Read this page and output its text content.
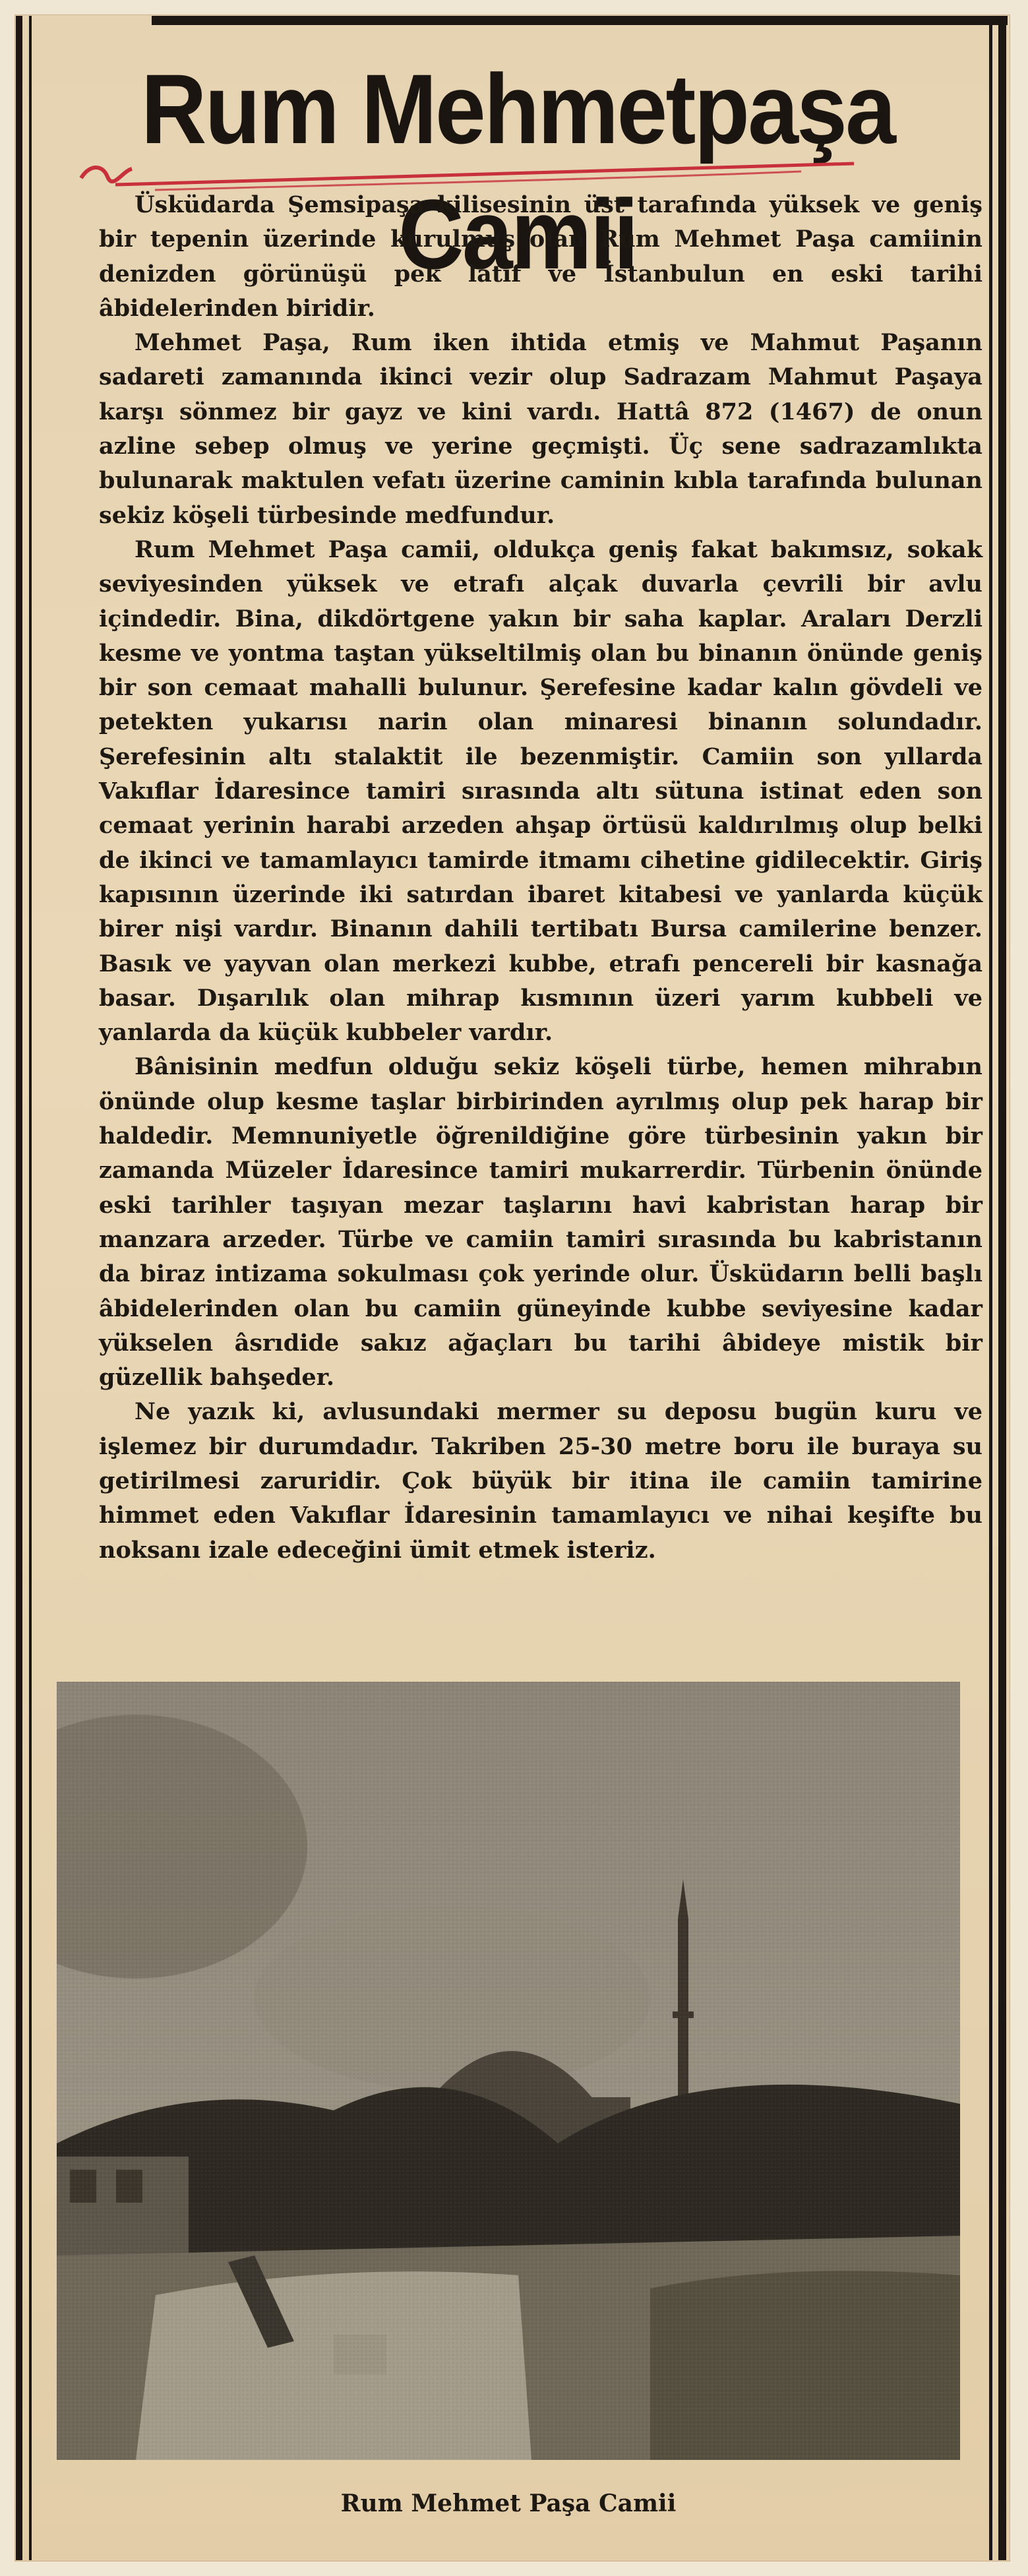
Rum Mehmetpaşa Camii

Üsküdarda Şemsipaşa kilisesinin üst tarafında yüksek ve geniş bir tepenin üzerinde kurulmuş olan Rum Mehmet Paşa camiinin denizden görünüşü pek lâtif ve İstanbulun en eski tarihi âbidelerinden biridir.

Mehmet Paşa, Rum iken ihtida etmiş ve Mahmut Paşanın sadareti zamanında ikinci vezir olup Sadrazam Mahmut Paşaya karşı sönmez bir gayz ve kini vardı. Hattâ 872 (1467) de onun azline sebep olmuş ve yerine geçmişti. Üç sene sadrazamlıkta bulunarak maktulen vefatı üzerine caminin kıbla tarafında bulunan sekiz köşeli türbesinde medfundur.

Rum Mehmet Paşa camii, oldukça geniş fakat bakımsız, sokak seviyesinden yüksek ve etrafı alçak duvarla çevrili bir avlu içindedir. Bina, dikdörtgene yakın bir saha kaplar. Araları Derzli kesme ve yontma taştan yükseltilmiş olan bu binanın önünde geniş bir son cemaat mahalli bulunur. Şerefesine kadar kalın gövdeli ve petekten yukarısı narin olan minaresi binanın solundadır. Şerefesinin altı stalaktit ile bezenmiştir. Camiin son yıllarda Vakıflar İdaresince tamiri sırasında altı sütuna istinat eden son cemaat yerinin harabi arzeden ahşap örtüsü kaldırılmış olup belki de ikinci ve tamamlayıcı tamirde itmamı cihetine gidilecektir. Giriş kapısının üzerinde iki satırdan ibaret kitabesi ve yanlarda küçük birer nişi vardır. Binanın dahili tertibatı Bursa camilerine benzer. Basık ve yayvan olan merkezi kubbe, etrafı pencereli bir kasnağa basar. Dışarılık olan mihrap kısmının üzeri yarım kubbeli ve yanlarda da küçük kubbeler vardır.

Bânisinin medfun olduğu sekiz köşeli türbe, hemen mihrabın önünde olup kesme taşlar birbirinden ayrılmış olup pek harap bir haldedir. Memnuniyetle öğrenildiğine göre türbesinin yakın bir zamanda Müzeler İdaresince tamiri mukarrerdir. Türbenin önünde eski tarihler taşıyan mezar taşlarını havi kabristan harap bir manzara arzeder. Türbe ve camiin tamiri sırasında bu kabristanın da biraz intizama sokulması çok yerinde olur. Üsküdarın belli başlı âbidelerinden olan bu camiin güneyinde kubbe seviyesine kadar yükselen âsrıdide sakız ağaçları bu tarihi âbideye mistik bir güzellik bahşeder.

Ne yazık ki, avlusundaki mermer su deposu bugün kuru ve işlemez bir durumdadır. Takriben 25-30 metre boru ile buraya su getirilmesi zaruridir. Çok büyük bir itina ile camiin tamirine himmet eden Vakıflar İdaresinin tamamlayıcı ve nihai keşifte bu noksanı izale edeceğini ümit etmek isteriz.

Rum Mehmet Paşa Camii
